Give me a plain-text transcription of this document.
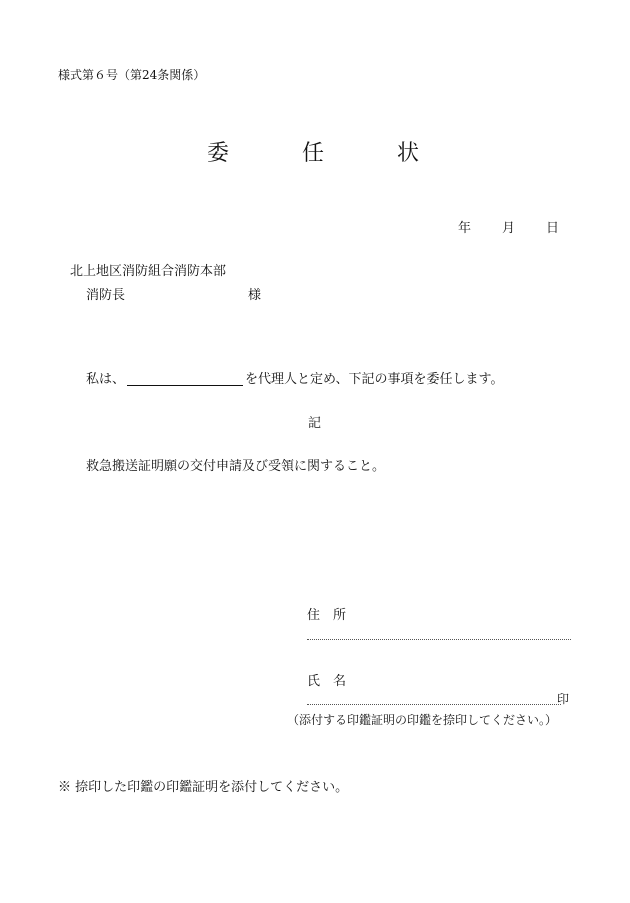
様式第６号（第24条関係）
委	任	状
年 月 日
北上地区消防組合消防本部
消防長	様
私は、	を代理人と定め、下記の事項を委任します。
記
救急搬送証明願の交付申請及び受領に関すること。
住　所
氏　名
印
（添付する印鑑証明の印鑑を捺印してください。）
※ 捺印した印鑑の印鑑証明を添付してください。
